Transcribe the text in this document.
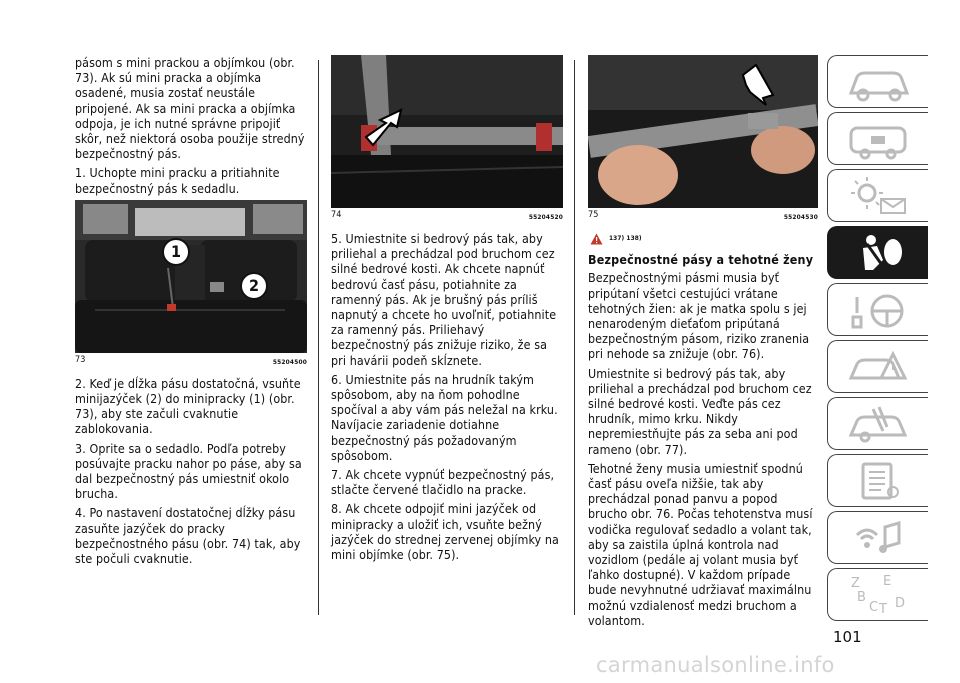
pásom s mini prackou a objímkou (obr. 73). Ak sú mini pracka a objímka osadené, musia zostať neustále pripojené. Ak sa mini pracka a objímka odpoja, je ich nutné správne pripojiť skôr, než niektorá osoba použije stredný bezpečnostný pás.

1. Uchopte mini pracku a pritiahnite bezpečnostný pás k sedadlu.

1
2
73	55204500

2. Keď je dĺžka pásu dostatočná, vsuňte minijazýček (2) do minipracky (1) (obr. 73), aby ste začuli cvaknutie zablokovania.

3. Oprite sa o sedadlo. Podľa potreby posúvajte pracku nahor po páse, aby sa dal bezpečnostný pás umiestniť okolo brucha.

4. Po nastavení dostatočnej dĺžky pásu zasuňte jazýček do pracky bezpečnostného pásu (obr. 74) tak, aby ste počuli cvaknutie.

74	55204520

5. Umiestnite si bedrový pás tak, aby priliehal a prechádzal pod bruchom cez silné bedrové kosti. Ak chcete napnúť bedrovú časť pásu, potiahnite za ramenný pás. Ak je brušný pás príliš napnutý a chcete ho uvoľniť, potiahnite za ramenný pás. Priliehavý bezpečnostný pás znižuje riziko, že sa pri havárii podeň skĺznete.

6. Umiestnite pás na hrudník takým spôsobom, aby na ňom pohodlne spočíval a aby vám pás neležal na krku. Navíjacie zariadenie dotiahne bezpečnostný pás požadovaným spôsobom.

7. Ak chcete vypnúť bezpečnostný pás, stlačte červené tlačidlo na pracke.

8. Ak chcete odpojiť mini jazýček od minipracky a uložiť ich, vsuňte bežný jazýček do strednej zervenej objímky na mini objímke (obr. 75).

75	55204530
137) 138)
Bezpečnostné pásy a tehotné ženy

Bezpečnostnými pásmi musia byť pripútaní všetci cestujúci vrátane tehotných žien: ak je matka spolu s jej nenarodeným dieťaťom pripútaná bezpečnostným pásom, riziko zranenia pri nehode sa znižuje (obr. 76).

Umiestnite si bedrový pás tak, aby priliehal a prechádzal pod bruchom cez silné bedrové kosti. Veďte pás cez hrudník, mimo krku. Nikdy nepremiestňujte pás za seba ani pod rameno (obr. 77).

Tehotné ženy musia umiestniť spodnú časť pásu oveľa nižšie, tak aby prechádzal ponad panvu a popod brucho obr. 76. Počas tehotenstva musí vodička regulovať sedadlo a volant tak, aby sa zaistila úplná kontrola nad vozidlom (pedále aj volant musia byť ľahko dostupné). V každom prípade bude nevyhnutné udržiavať maximálnu možnú vzdialenosť medzi bruchom a volantom.

Z E
B
C T D
101
carmanualsonline.info
